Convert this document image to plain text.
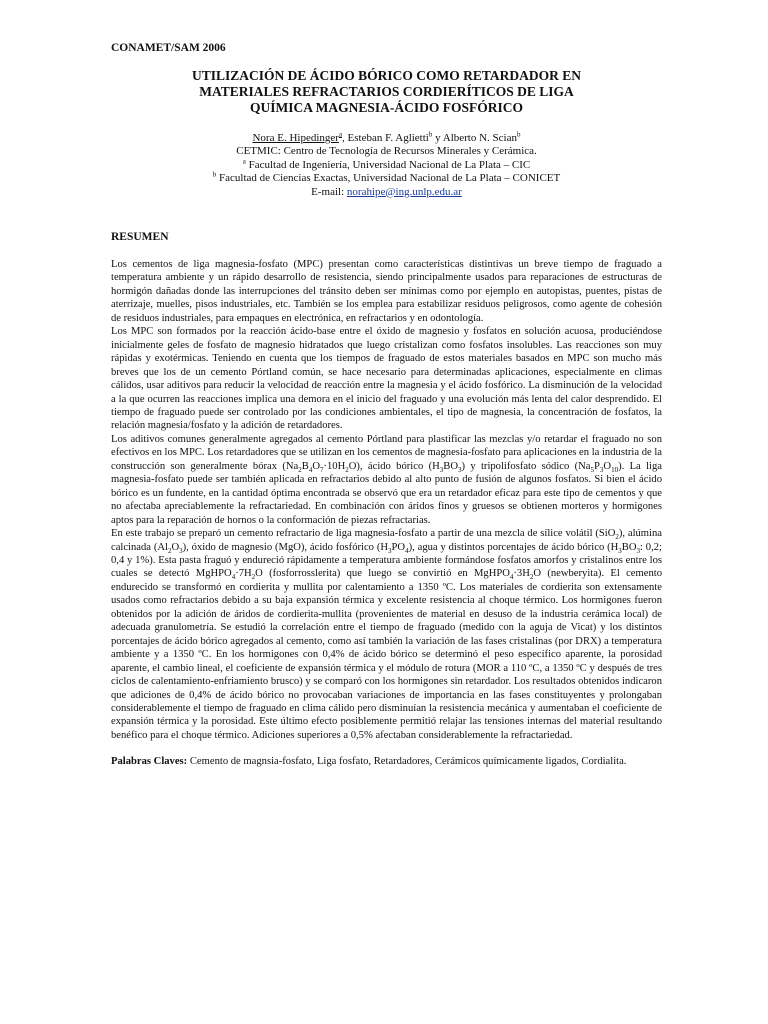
CONAMET/SAM 2006
UTILIZACIÓN DE ÁCIDO BÓRICO COMO RETARDADOR EN
MATERIALES REFRACTARIOS CORDIERÍTICOS DE LIGA
QUÍMICA MAGNESIA-ÁCIDO FOSFÓRICO
Nora E. Hipedinger$^a$, Esteban F. Aglietti$^b$ y Alberto N. Scian$^b$
CETMIC: Centro de Tecnología de Recursos Minerales y Cerámica.
$^a$ Facultad de Ingeniería, Universidad Nacional de La Plata – CIC
$^b$ Facultad de Ciencias Exactas, Universidad Nacional de La Plata – CONICET
E-mail: norahipe@ing.unlp.edu.ar
RESUMEN

Los cementos de liga magnesia-fosfato (MPC) presentan como características distintivas un breve tiempo de fraguado a temperatura ambiente y un rápido desarrollo de resistencia, siendo principalmente usados para reparaciones de estructuras de hormigón dañadas donde las interrupciones del tránsito deben ser mínimas como por ejemplo en autopistas, puentes, pistas de aterrizaje, muelles, pisos industriales, etc. También se los emplea para estabilizar residuos peligrosos, como agente de cohesión de residuos industriales, para empaques en electrónica, en refractarios y en odontología.

Los MPC son formados por la reacción ácido-base entre el óxido de magnesio y fosfatos en solución acuosa, produciéndose inicialmente geles de fosfato de magnesio hidratados que luego cristalizan como fosfatos insolubles. Las reacciones son muy rápidas y exotérmicas. Teniendo en cuenta que los tiempos de fraguado de estos materiales basados en MPC son mucho más breves que los de un cemento Pórtland común, se hace necesario para determinadas aplicaciones, especialmente en climas cálidos, usar aditivos para reducir la velocidad de reacción entre la magnesia y el ácido fosfórico. La disminución de la velocidad a la que ocurren las reacciones implica una demora en el inicio del fraguado y una evolución más lenta del calor desprendido. El tiempo de fraguado puede ser controlado por las condiciones ambientales, el tipo de magnesia, la concentración de fosfatos, la relación magnesia/fosfato y la adición de retardadores.

Los aditivos comunes generalmente agregados al cemento Pórtland para plastificar las mezclas y/o retardar el fraguado no son efectivos en los MPC. Los retardadores que se utilizan en los cementos de magnesia-fosfato para aplicaciones en la industria de la construcción son generalmente bórax $(Na_2B_4O_7\cdot 10H_2O)$, ácido bórico $(H_3BO_3)$ y tripolifosfato sódico $(Na_5P_3O_{10})$. La liga magnesia-fosfato puede ser también aplicada en refractarios debido al alto punto de fusión de algunos fosfatos. Si bien el ácido bórico es un fundente, en la cantidad óptima encontrada se observó que era un retardador eficaz para este tipo de cementos y que no afectaba apreciablemente la refractariedad. En combinación con áridos finos y gruesos se obtienen morteros y hormigones aptos para la reparación de hornos o la conformación de piezas refractarias.

En este trabajo se preparó un cemento refractario de liga magnesia-fosfato a partir de una mezcla de sílice volátil (SiO$_2$), alúmina calcinada $(Al_2O_3)$, óxido de magnesio (MgO), ácido fosfórico $(H_3PO_4)$, agua y distintos porcentajes de ácido bórico ($H_3BO_3$: 0,2; 0,4 y 1%). Esta pasta fraguó y endureció rápidamente a temperatura ambiente formándose fosfatos amorfos y cristalinos entre los cuales se detectó $MgHPO_4\cdot 7H_2O$ (fosforrosslerita) que luego se convirtió en $MgHPO_4\cdot 3H_2O$ (newberyita). El cemento endurecido se transformó en cordierita y mullita por calentamiento a 1350 ºC. Los materiales de cordierita son extensamente usados como refractarios debido a su baja expansión térmica y excelente resistencia al choque térmico. Los hormigones fueron obtenidos por la adición de áridos de cordierita-mullita (provenientes de material en desuso de la industria cerámica local) de adecuada granulometría. Se estudió la correlación entre el tiempo de fraguado (medido con la aguja de Vicat) y los distintos porcentajes de ácido bórico agregados al cemento, como así también la variación de las fases cristalinas (por DRX) a temperatura ambiente y a 1350 ºC. En los hormigones con 0,4% de ácido bórico se determinó el peso específico aparente, la porosidad aparente, el cambio lineal, el coeficiente de expansión térmica y el módulo de rotura (MOR a 110 ºC, a 1350 ºC y después de tres ciclos de calentamiento-enfriamiento brusco) y se comparó con los hormigones sin retardador. Los resultados obtenidos indicaron que adiciones de 0,4% de ácido bórico no provocaban variaciones de importancia en las fases constituyentes y prolongaban considerablemente el tiempo de fraguado en clima cálido pero disminuían la resistencia mecánica y aumentaban el coeficiente de expansión térmica y la porosidad. Este último efecto posiblemente permitió relajar las tensiones internas del material resultando benéfico para el choque térmico. Adiciones superiores a 0,5% afectaban considerablemente la refractariedad.

Palabras Claves: Cemento de magnsia-fosfato, Liga fosfato, Retardadores, Cerámicos químicamente ligados, Cordialita.
